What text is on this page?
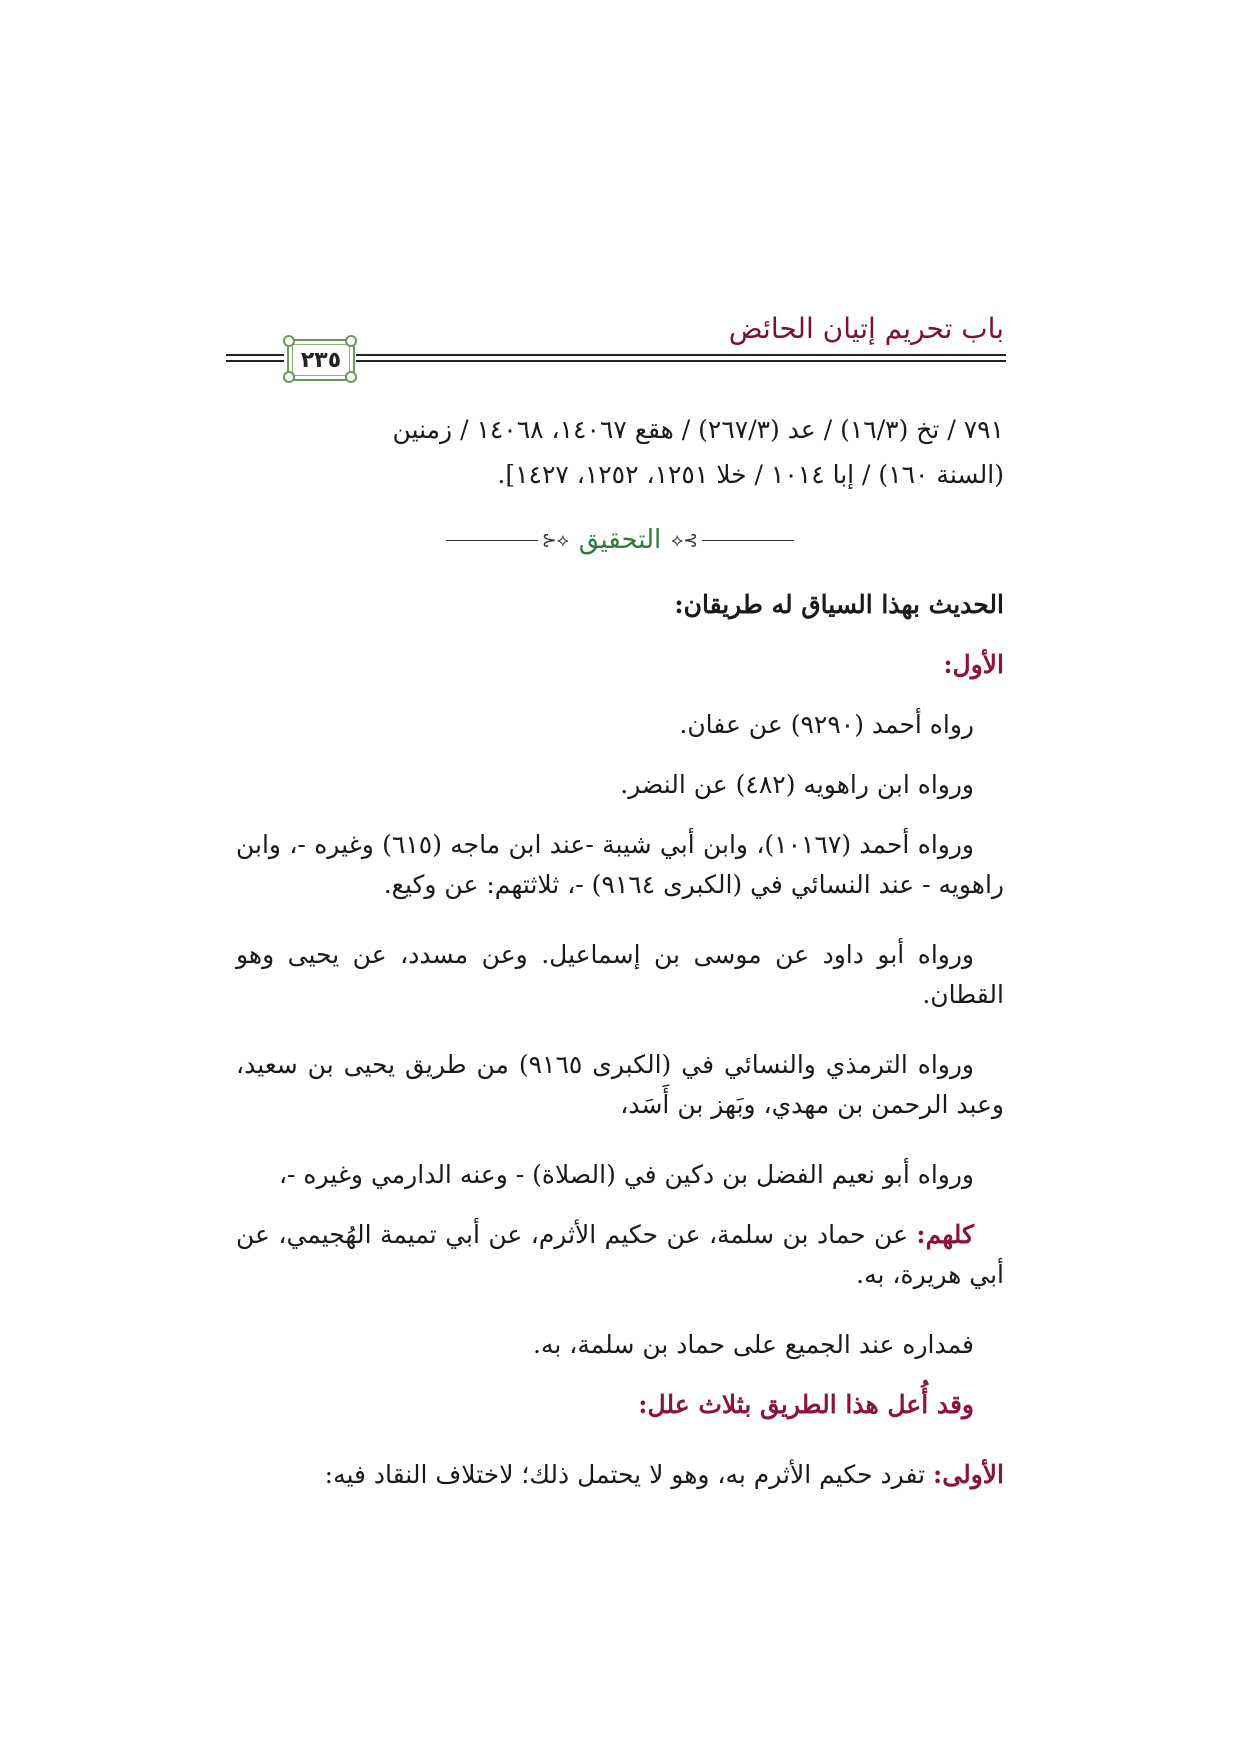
باب تحريم إتيان الحائض
٢٣٥
٧٩١ / تخ (١٦/٣) / عد (٢٦٧/٣) / هقع ١٤٠٦٧، ١٤٠٦٨ / زمنين
(السنة ١٦٠) / إبا ١٠١٤ / خلا ١٢٥١، ١٢٥٢، ١٤٢٧].
⊱⟡
التحقيق
⟡⊰
الحديث بهذا السياق له طريقان:
الأول:
رواه أحمد (٩٢٩٠) عن عفان.
ورواه ابن راهويه (٤٨٢) عن النضر.
ورواه أحمد (١٠١٦٧)، وابن أبي شيبة -عند ابن ماجه (٦١٥) وغيره -، وابن راهويه - عند النسائي في (الكبرى ٩١٦٤) -، ثلاثتهم: عن وكيع.
ورواه أبو داود عن موسى بن إسماعيل. وعن مسدد، عن يحيى وهو القطان.
ورواه الترمذي والنسائي في (الكبرى ٩١٦٥) من طريق يحيى بن سعيد، وعبد الرحمن بن مهدي، وبَهز بن أَسَد،
ورواه أبو نعيم الفضل بن دكين في (الصلاة) - وعنه الدارمي وغيره -،
كلهم: عن حماد بن سلمة، عن حكيم الأثرم، عن أبي تميمة الهُجيمي، عن أبي هريرة، به.
فمداره عند الجميع على حماد بن سلمة، به.
وقد أُعل هذا الطريق بثلاث علل:
الأولى: تفرد حكيم الأثرم به، وهو لا يحتمل ذلك؛ لاختلاف النقاد فيه:
